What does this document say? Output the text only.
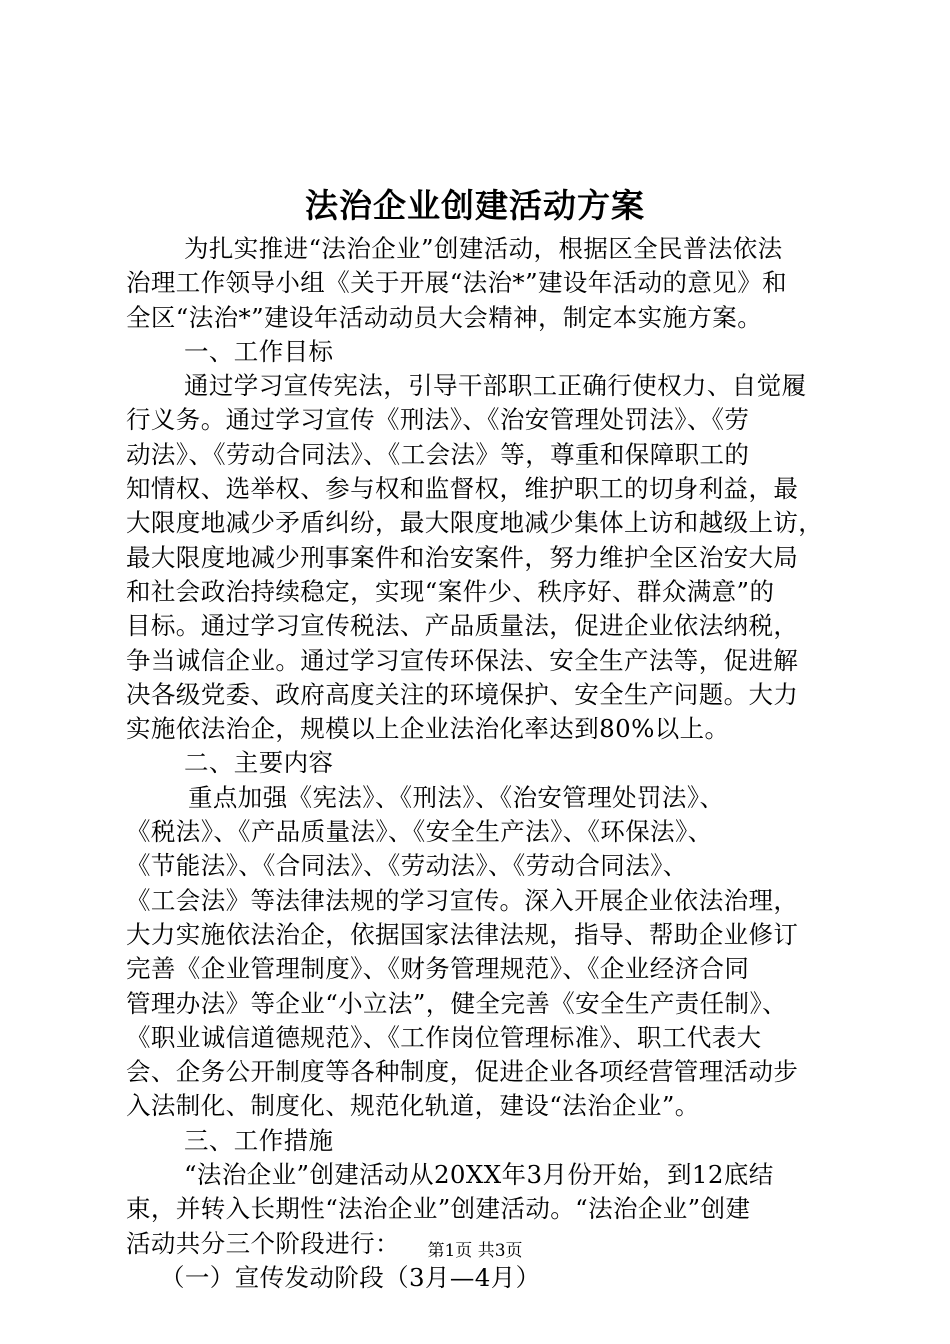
法治企业创建活动方案
为扎实推进“法治企业”创建活动，根据区全民普法依法
治理工作领导小组《关于开展“法治*”建设年活动的意见》和
全区“法治*”建设年活动动员大会精神，制定本实施方案。
一、工作目标
通过学习宣传宪法，引导干部职工正确行使权力、自觉履
行义务。通过学习宣传《刑法》、《治安管理处罚法》、《劳
动法》、《劳动合同法》、《工会法》等，尊重和保障职工的
知情权、选举权、参与权和监督权，维护职工的切身利益，最
大限度地减少矛盾纠纷，最大限度地减少集体上访和越级上访，
最大限度地减少刑事案件和治安案件，努力维护全区治安大局
和社会政治持续稳定，实现“案件少、秩序好、群众满意”的
目标。通过学习宣传税法、产品质量法，促进企业依法纳税，
争当诚信企业。通过学习宣传环保法、安全生产法等，促进解
决各级党委、政府高度关注的环境保护、安全生产问题。大力
实施依法治企，规模以上企业法治化率达到80%以上。
二、主要内容
重点加强《宪法》、《刑法》、《治安管理处罚法》、
《税法》、《产品质量法》、《安全生产法》、《环保法》、
《节能法》、《合同法》、《劳动法》、《劳动合同法》、
《工会法》等法律法规的学习宣传。深入开展企业依法治理，
大力实施依法治企，依据国家法律法规，指导、帮助企业修订
完善《企业管理制度》、《财务管理规范》、《企业经济合同
管理办法》等企业“小立法”，健全完善《安全生产责任制》、
《职业诚信道德规范》、《工作岗位管理标准》、职工代表大
会、企务公开制度等各种制度，促进企业各项经营管理活动步
入法制化、制度化、规范化轨道，建设“法治企业”。
三、工作措施
“法治企业”创建活动从20XX年3月份开始，到12底结
束，并转入长期性“法治企业”创建活动。“法治企业”创建
活动共分三个阶段进行：
（一）宣传发动阶段（3月—4月）
第1页 共3页
